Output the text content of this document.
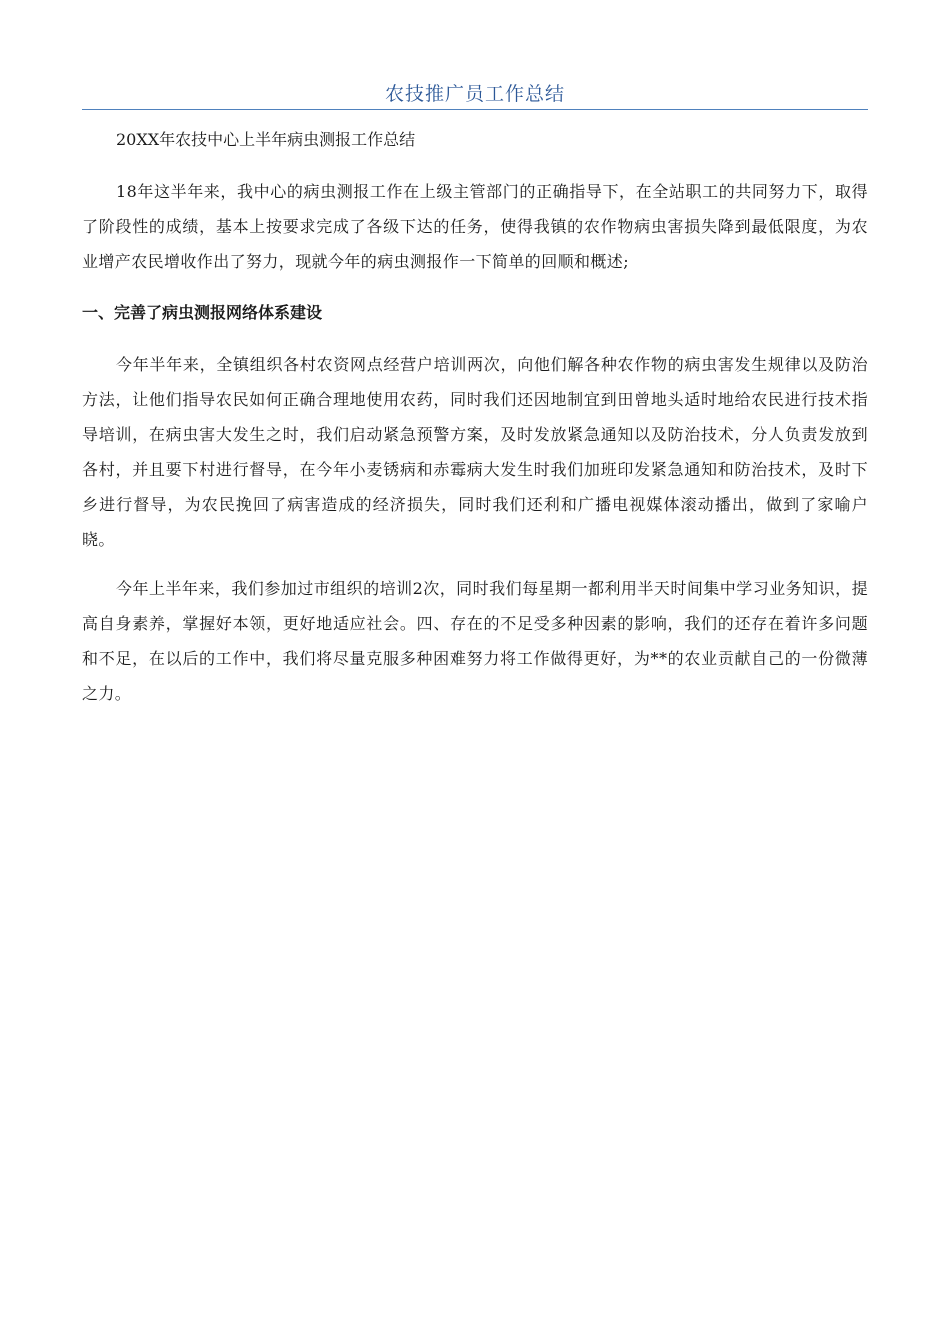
农技推广员工作总结

20XX年农技中心上半年病虫测报工作总结

18年这半年来，我中心的病虫测报工作在上级主管部门的正确指导下，在全站职工的共同努力下，取得了阶段性的成绩，基本上按要求完成了各级下达的任务，使得我镇的农作物病虫害损失降到最低限度，为农业增产农民增收作出了努力，现就今年的病虫测报作一下简单的回顺和概述;

一、完善了病虫测报网络体系建设

今年半年来，全镇组织各村农资网点经营户培训两次，向他们解各种农作物的病虫害发生规律以及防治方法，让他们指导农民如何正确合理地使用农药，同时我们还因地制宜到田曾地头适时地给农民进行技术指导培训，在病虫害大发生之时，我们启动紧急预警方案，及时发放紧急通知以及防治技术，分人负责发放到各村，并且要下村进行督导，在今年小麦锈病和赤霉病大发生时我们加班印发紧急通知和防治技术，及时下乡进行督导，为农民挽回了病害造成的经济损失，同时我们还利和广播电视媒体滚动播出，做到了家喻户晓。

今年上半年来，我们参加过市组织的培训2次，同时我们每星期一都利用半天时间集中学习业务知识，提高自身素养，掌握好本领，更好地适应社会。四、存在的不足受多种因素的影响，我们的还存在着许多问题和不足，在以后的工作中，我们将尽量克服多种困难努力将工作做得更好，为**的农业贡献自己的一份微薄之力。
